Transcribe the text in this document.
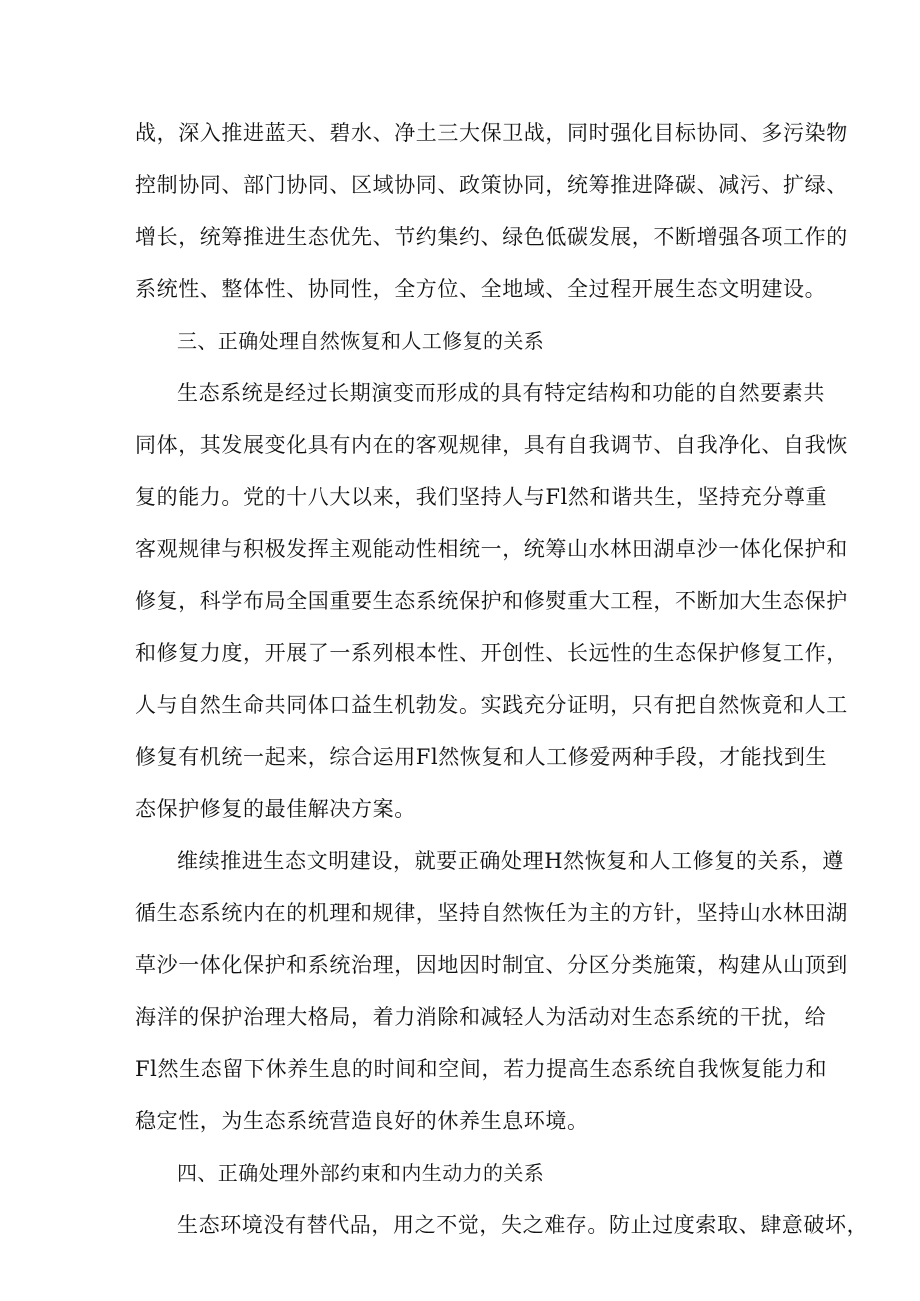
战，深入推进蓝天、碧水、净土三大保卫战，同时强化目标协同、多污染物
控制协同、部门协同、区域协同、政策协同，统筹推进降碳、减污、扩绿、
增长，统筹推进生态优先、节约集约、绿色低碳发展，不断增强各项工作的
系统性、整体性、协同性，全方位、全地域、全过程开展生态文明建设。
三、正确处理自然恢复和人工修复的关系
生态系统是经过长期演变而形成的具有特定结构和功能的自然要素共
同体，其发展变化具有内在的客观规律，具有自我调节、自我净化、自我恢
复的能力。党的十八大以来，我们坚持人与Fl然和谐共生，坚持充分尊重
客观规律与积极发挥主观能动性相统一，统筹山水林田湖卓沙一体化保护和
修复，科学布局全国重要生态系统保护和修熨重大工程，不断加大生态保护
和修复力度，开展了一系列根本性、开创性、长远性的生态保护修复工作，
人与自然生命共同体口益生机勃发。实践充分证明，只有把自然恢竟和人工
修复有机统一起来，综合运用Fl然恢复和人工修爱两种手段，才能找到生
态保护修复的最佳解决方案。
维续推进生态文明建设，就要正确处理H然恢复和人工修复的关系，遵
循生态系统内在的机理和规律，坚持自然恢任为主的方针，坚持山水林田湖
草沙一体化保护和系统治理，因地因时制宜、分区分类施策，构建从山顶到
海洋的保护治理大格局，着力消除和减轻人为活动对生态系统的干扰，给
Fl然生态留下休养生息的时间和空间，若力提高生态系统自我恢复能力和
稳定性，为生态系统营造良好的休养生息环境。
四、正确处理外部约束和内生动力的关系
生态环境没有替代品，用之不觉，失之难存。防止过度索取、肆意破坏，
